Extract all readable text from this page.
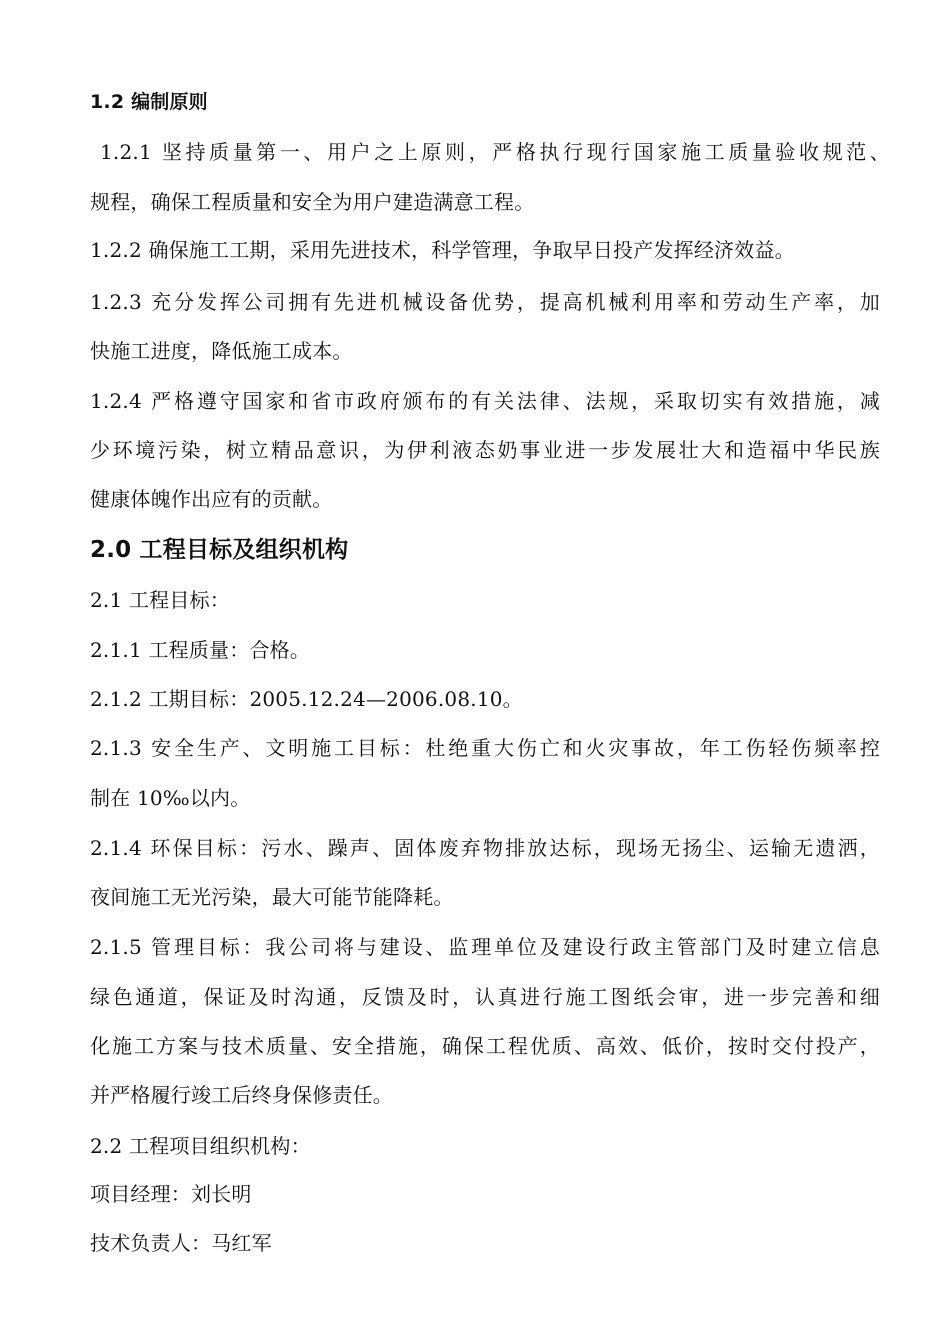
1.2 编制原则
1.2.1 坚持质量第一、用户之上原则，严格执行现行国家施工质量验收规范、
规程，确保工程质量和安全为用户建造满意工程。
1.2.2 确保施工工期，采用先进技术，科学管理，争取早日投产发挥经济效益。
1.2.3 充分发挥公司拥有先进机械设备优势，提高机械利用率和劳动生产率，加
快施工进度，降低施工成本。
1.2.4 严格遵守国家和省市政府颁布的有关法律、法规，采取切实有效措施，减
少环境污染，树立精品意识，为伊利液态奶事业进一步发展壮大和造福中华民族
健康体魄作出应有的贡献。
2.0 工程目标及组织机构
2.1 工程目标：
2.1.1 工程质量：合格。
2.1.2 工期目标：2005.12.24—2006.08.10。
2.1.3 安全生产、文明施工目标：杜绝重大伤亡和火灾事故，年工伤轻伤频率控
制在 10‰以内。
2.1.4 环保目标：污水、躁声、固体废弃物排放达标，现场无扬尘、运输无遗洒，
夜间施工无光污染，最大可能节能降耗。
2.1.5 管理目标：我公司将与建设、监理单位及建设行政主管部门及时建立信息
绿色通道，保证及时沟通，反馈及时，认真进行施工图纸会审，进一步完善和细
化施工方案与技术质量、安全措施，确保工程优质、高效、低价，按时交付投产，
并严格履行竣工后终身保修责任。
2.2 工程项目组织机构：
项目经理：刘长明
技术负责人：马红军
